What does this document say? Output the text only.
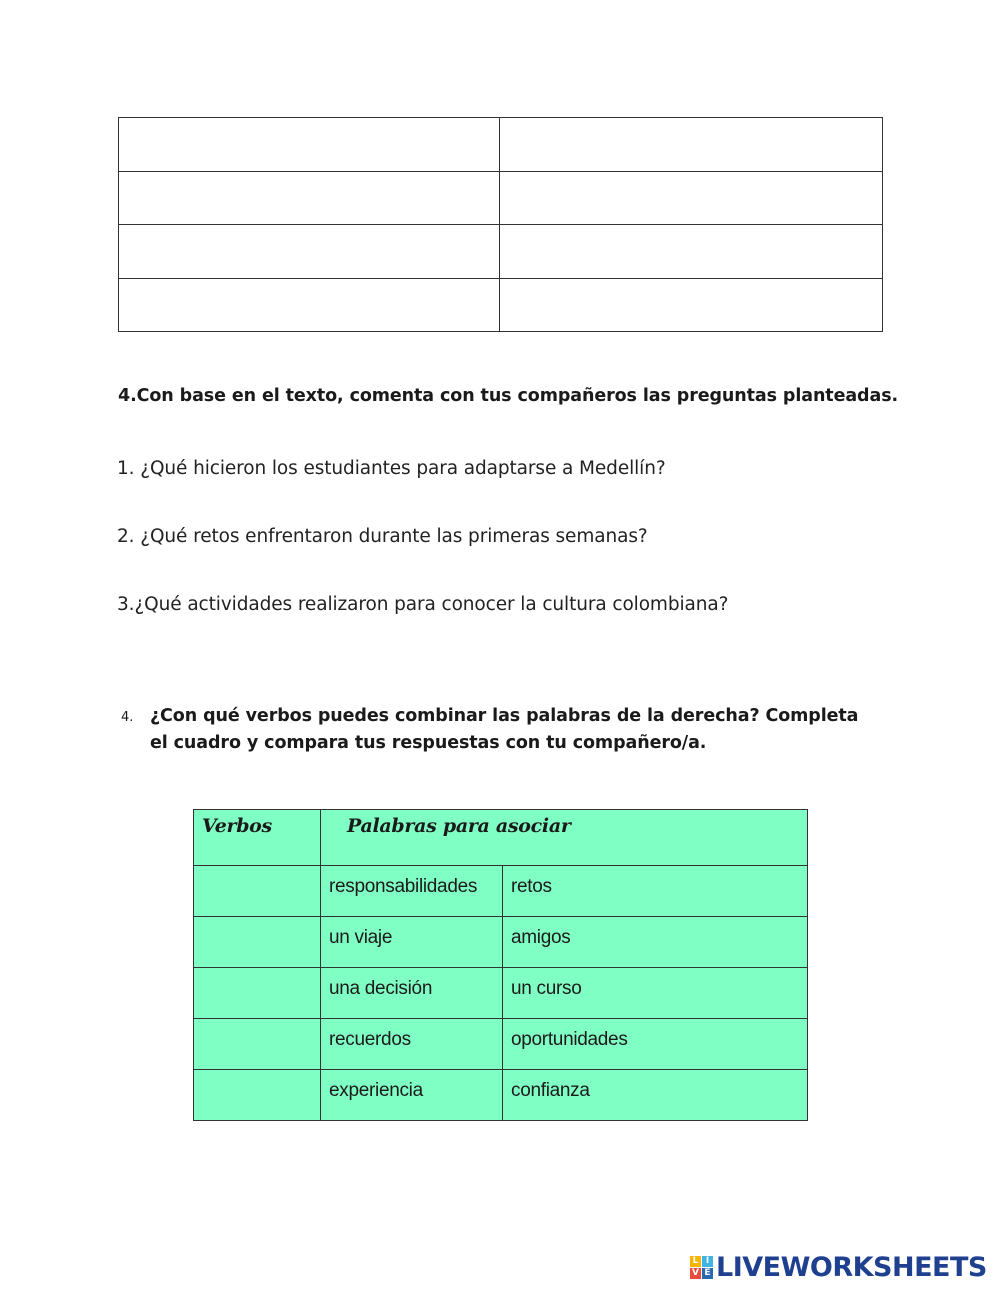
4.Con base en el texto, comenta con tus compañeros las preguntas planteadas.
1. ¿Qué hicieron los estudiantes para adaptarse a Medellín?
2. ¿Qué retos enfrentaron durante las primeras semanas?
3.¿Qué actividades realizaron para conocer la cultura colombiana?
4. ¿Con qué verbos puedes combinar las palabras de la derecha? Completa el cuadro y compara tus respuestas con tu compañero/a.
Verbos	Palabras para asociar	
	responsabilidades	retos
	un viaje	amigos
	una decisión	un curso
	recuerdos	oportunidades
	experiencia	confianza
L I
V E LIVEWORKSHEETS
